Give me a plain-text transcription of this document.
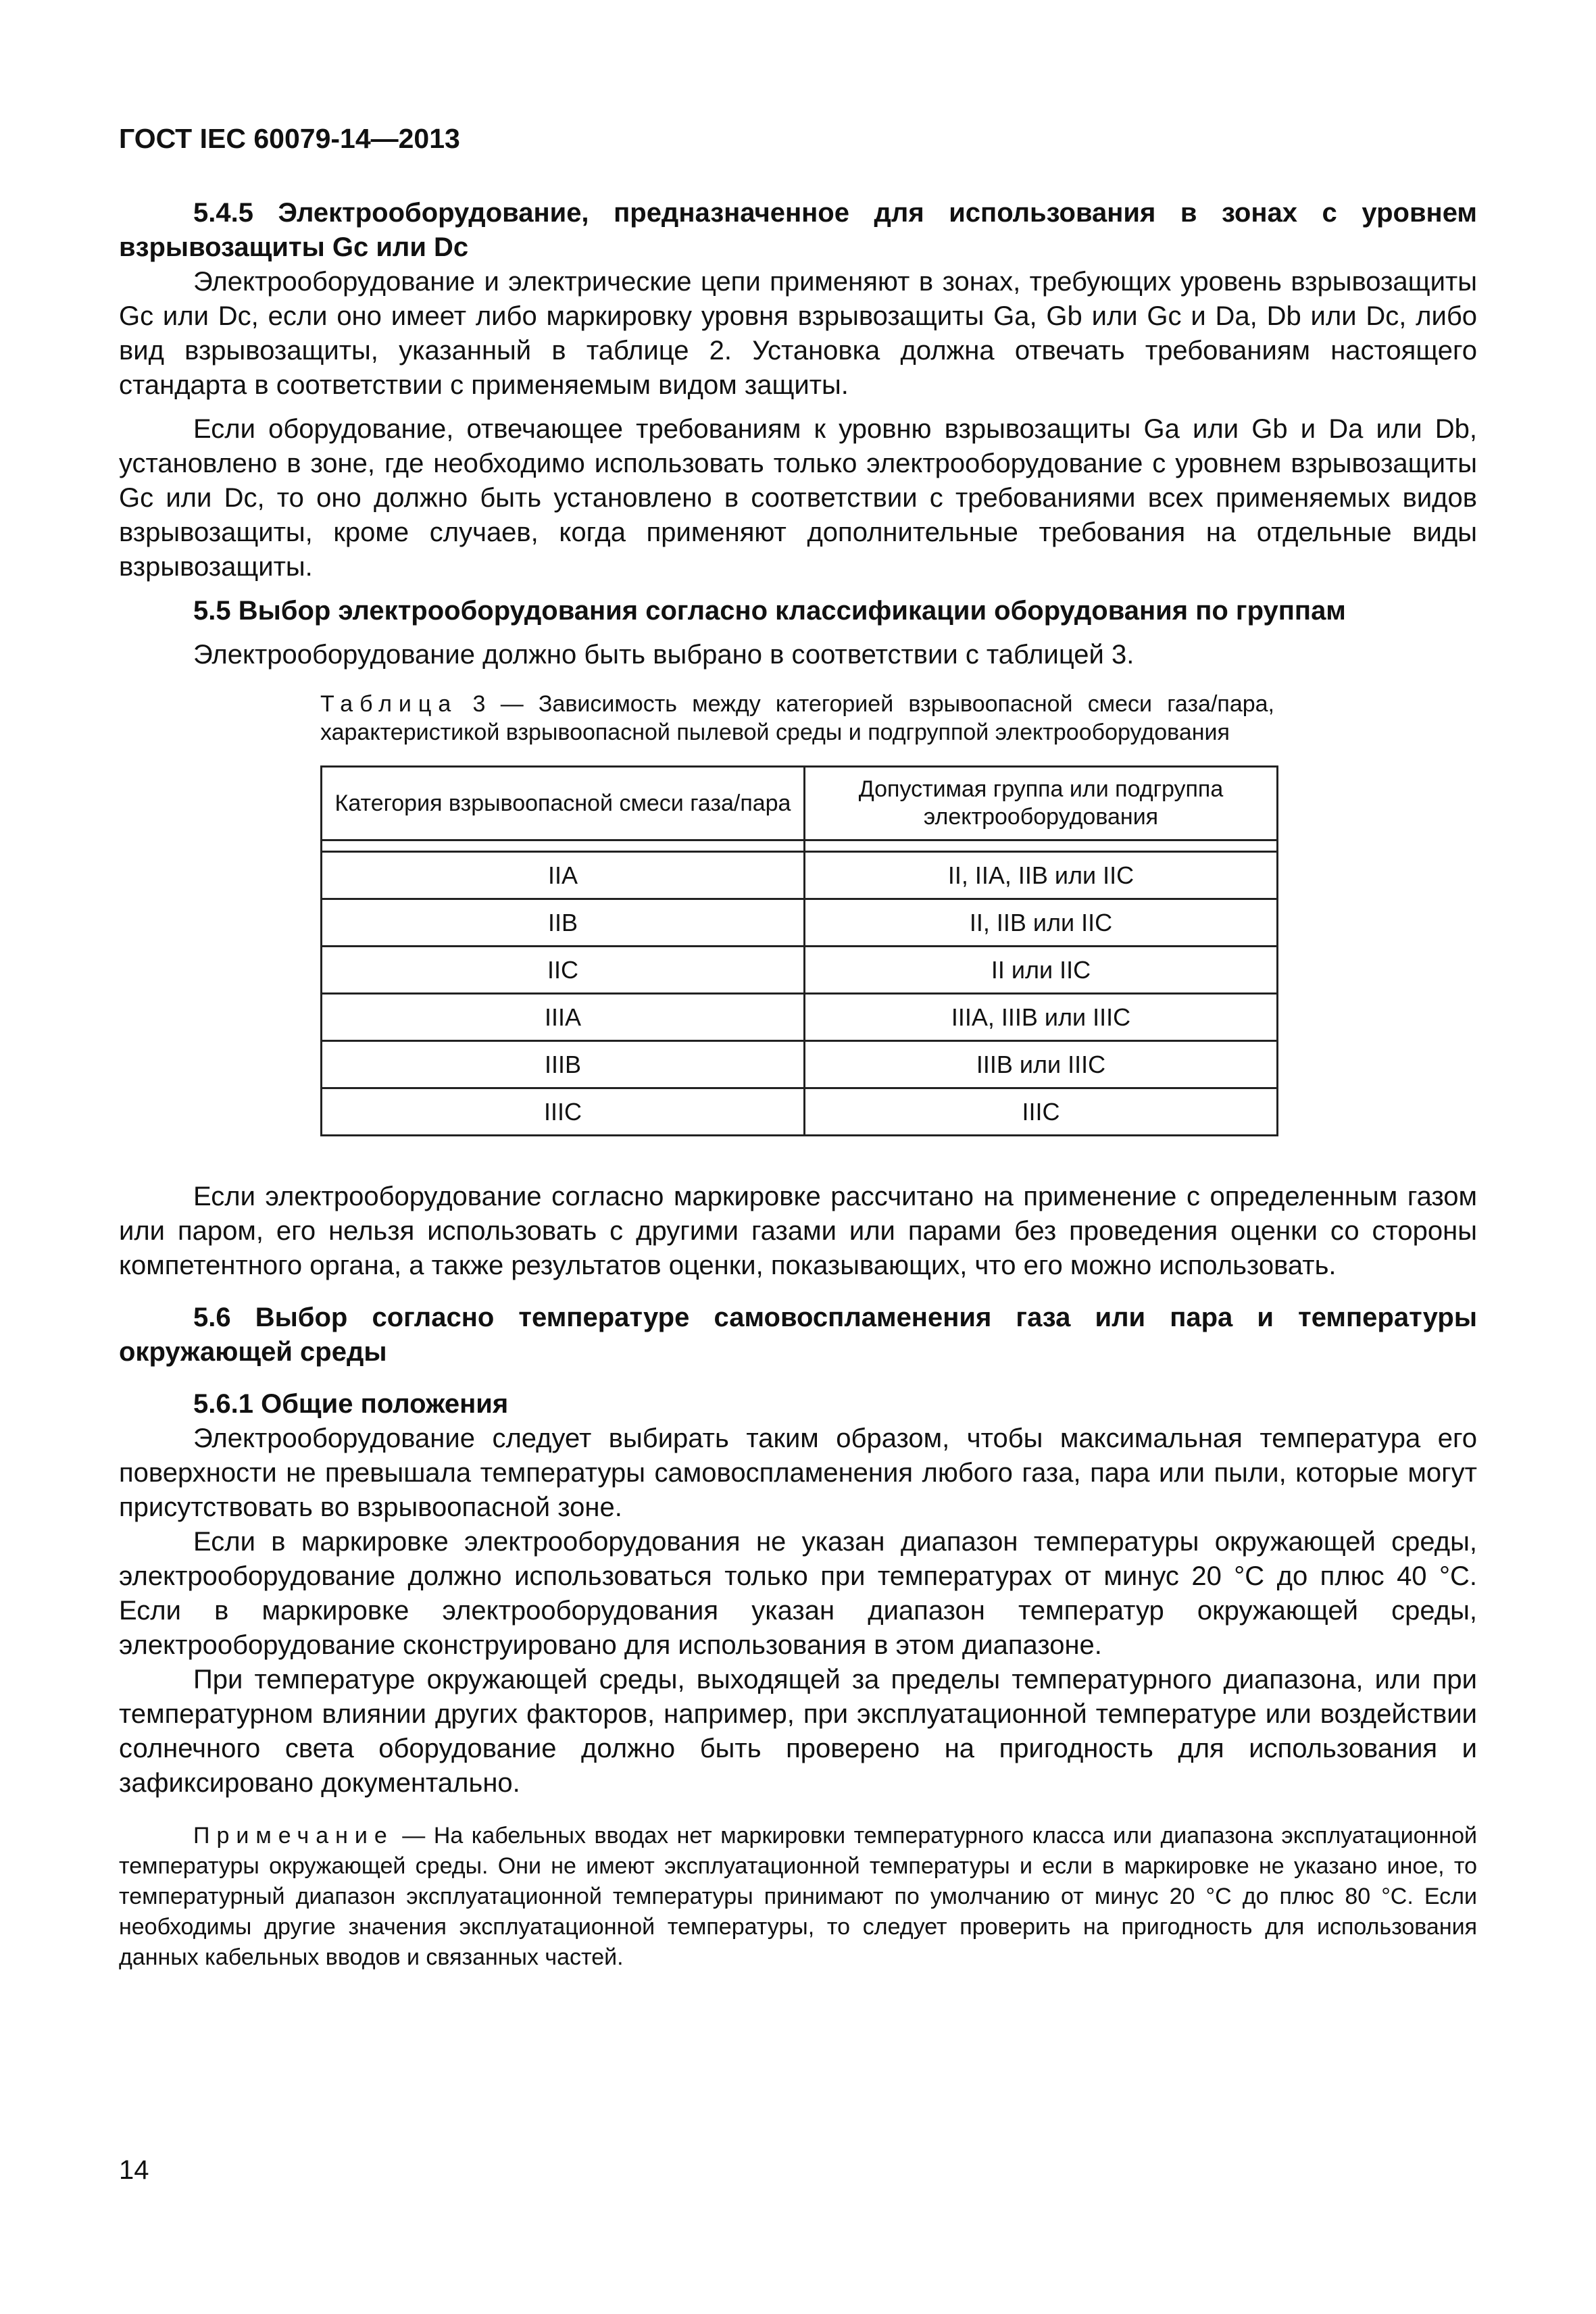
ГОСТ IEC 60079-14—2013

5.4.5 Электрооборудование, предназначенное для использования в зонах с уровнем взрывозащиты Gc или Dc

Электрооборудование и электрические цепи применяют в зонах, требующих уровень взрывозащиты Gc или Dc, если оно имеет либо маркировку уровня взрывозащиты Ga, Gb или Gc и Da, Db или Dc, либо вид взрывозащиты, указанный в таблице 2. Установка должна отвечать требованиям настоящего стандарта в соответствии с применяемым видом защиты.

Если оборудование, отвечающее требованиям к уровню взрывозащиты Ga или Gb и Da или Db, установлено в зоне, где необходимо использовать только электрооборудование с уровнем взрывозащиты Gc или Dc, то оно должно быть установлено в соответствии с требованиями всех применяемых видов взрывозащиты, кроме случаев, когда применяют дополнительные требования на отдельные виды взрывозащиты.

5.5 Выбор электрооборудования согласно классификации оборудования по группам

Электрооборудование должно быть выбрано в соответствии с таблицей 3.

Таблица 3 — Зависимость между категорией взрывоопасной смеси газа/пара, характеристикой взрывоопасной пылевой среды и подгруппой электрооборудования

Категория взрывоопасной смеси газа/пара	Допустимая группа или подгруппа электрооборудования

IIA	II, IIA, IIB или IIC
IIB	II, IIB или IIC
IIC	II или IIC
IIIA	IIIA, IIIB или IIIC
IIIB	IIIB или IIIC
IIIC	IIIC

Если электрооборудование согласно маркировке рассчитано на применение с определенным газом или паром, его нельзя использовать с другими газами или парами без проведения оценки со стороны компетентного органа, а также результатов оценки, показывающих, что его можно использовать.

5.6 Выбор согласно температуре самовоспламенения газа или пара и температуры окружающей среды

5.6.1 Общие положения

Электрооборудование следует выбирать таким образом, чтобы максимальная температура его поверхности не превышала температуры самовоспламенения любого газа, пара или пыли, которые могут присутствовать во взрывоопасной зоне.

Если в маркировке электрооборудования не указан диапазон температуры окружающей среды, электрооборудование должно использоваться только при температурах от минус 20 °C до плюс 40 °C. Если в маркировке электрооборудования указан диапазон температур окружающей среды, электрооборудование сконструировано для использования в этом диапазоне.

При температуре окружающей среды, выходящей за пределы температурного диапазона, или при температурном влиянии других факторов, например, при эксплуатационной температуре или воздействии солнечного света оборудование должно быть проверено на пригодность для использования и зафиксировано документально.

Примечание — На кабельных вводах нет маркировки температурного класса или диапазона эксплуатационной температуры окружающей среды. Они не имеют эксплуатационной температуры и если в маркировке не указано иное, то температурный диапазон эксплуатационной температуры принимают по умолчанию от минус 20 °C до плюс 80 °C. Если необходимы другие значения эксплуатационной температуры, то следует проверить на пригодность для использования данных кабельных вводов и связанных частей.

14
